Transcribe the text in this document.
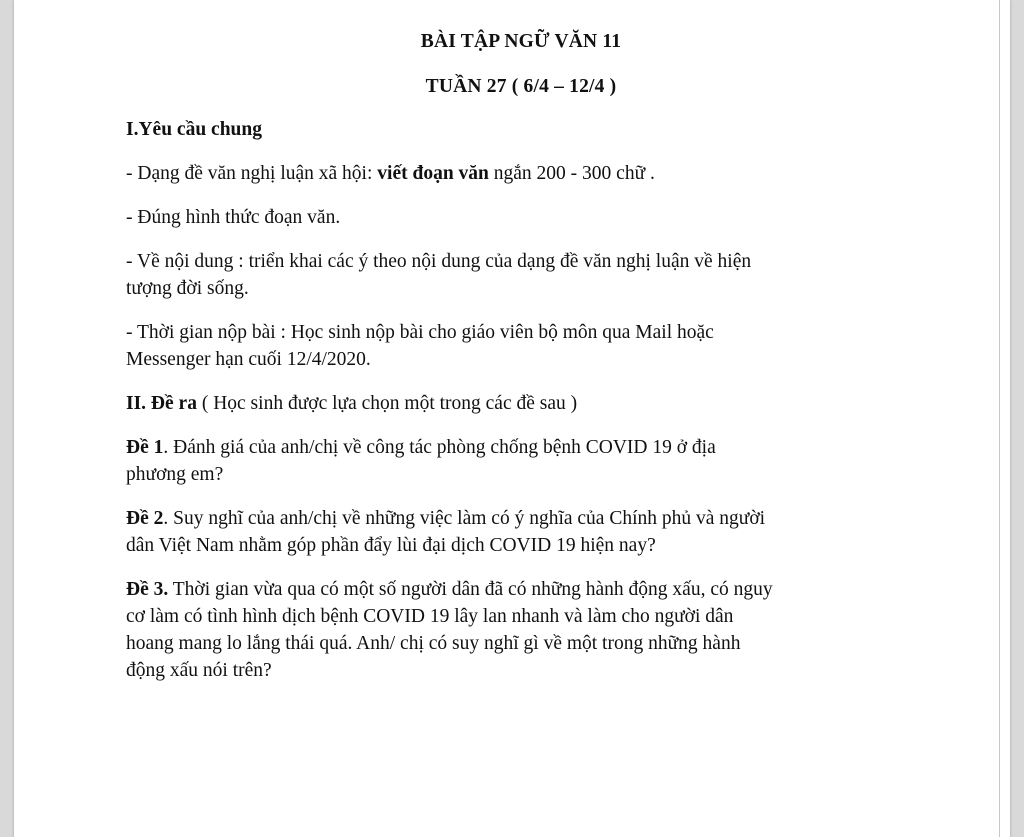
BÀI TẬP NGỮ VĂN 11

TUẦN 27 ( 6/4 – 12/4 )

I.Yêu cầu chung

- Dạng đề văn nghị luận xã hội: viết đoạn văn ngắn 200 - 300 chữ .

- Đúng hình thức đoạn văn.

- Về nội dung : triển khai các ý theo nội dung của dạng đề văn nghị luận về hiện
tượng đời sống.

- Thời gian nộp bài : Học sinh nộp bài cho giáo viên bộ môn qua Mail hoặc
Messenger hạn cuối 12/4/2020.

II. Đề ra ( Học sinh được lựa chọn một trong các đề sau )

Đề 1. Đánh giá của anh/chị về công tác phòng chống bệnh COVID 19 ở địa
phương em?

Đề 2. Suy nghĩ của anh/chị về những việc làm có ý nghĩa của Chính phủ và người
dân Việt Nam nhằm góp phần đẩy lùi đại dịch COVID 19 hiện nay?

Đề 3. Thời gian vừa qua có một số người dân đã có những hành động xấu, có nguy
cơ làm có tình hình dịch bệnh COVID 19 lây lan nhanh và làm cho người dân
hoang mang lo lắng thái quá. Anh/ chị có suy nghĩ gì về một trong những hành
động xấu nói trên?
